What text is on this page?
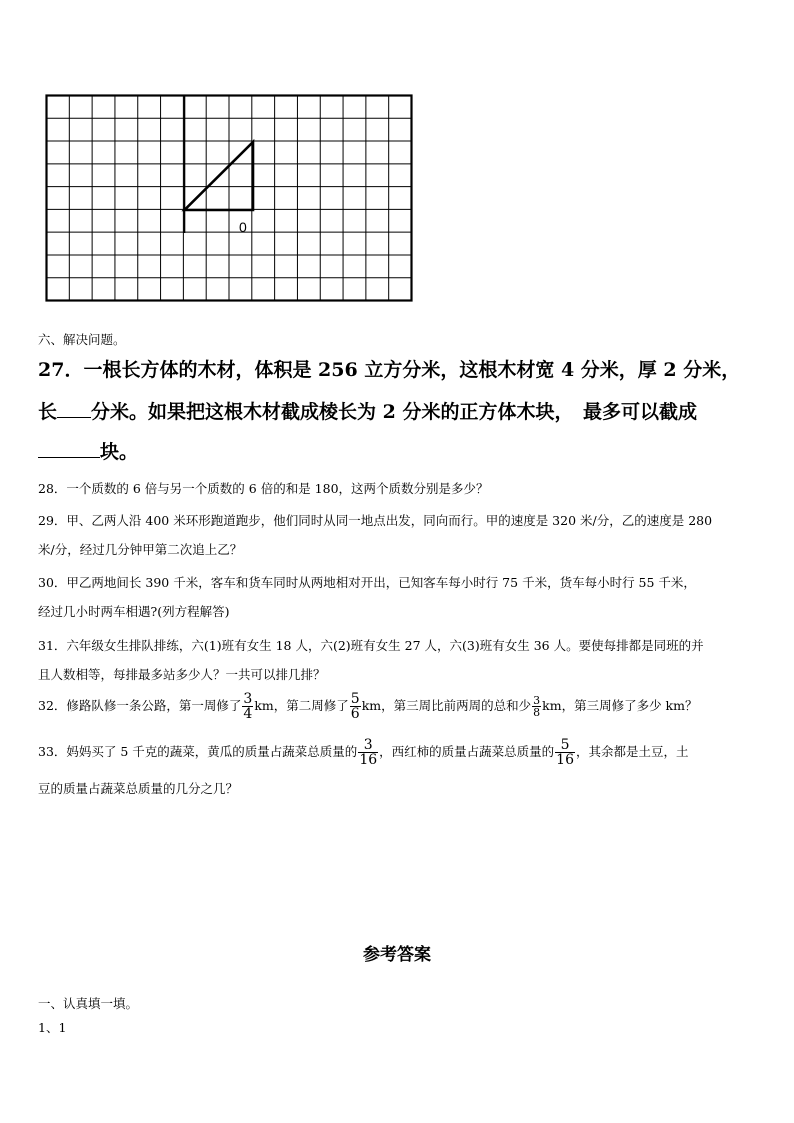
0
六、解决问题。
27．一根长方体的木材，体积是 256 立方分米，这根木材宽 4 分米，厚 2 分米，
长 分米。如果把这根木材截成棱长为 2 分米的正方体木块，　最多可以截成
块。
28．一个质数的 6 倍与另一个质数的 6 倍的和是 180，这两个质数分别是多少？
29．甲、乙两人沿 400 米环形跑道跑步，他们同时从同一地点出发，同向而行。甲的速度是 320 米/分，乙的速度是 280
米/分，经过几分钟甲第二次追上乙？
30．甲乙两地间长 390 千米，客车和货车同时从两地相对开出，已知客车每小时行 75 千米，货车每小时行 55 千米，
经过几小时两车相遇?(列方程解答)
31．六年级女生排队排练，六(1)班有女生 18 人，六(2)班有女生 27 人，六(3)班有女生 36 人。要使每排都是同班的并
且人数相等，每排最多站多少人？一共可以排几排？
32．修路队修一条公路，第一周修了 $\frac{3}{4}$ km，第二周修了 $\frac{5}{6}$ km，第三周比前两周的总和少 $\frac{3}{8}$ km，第三周修了多少 km？
33．妈妈买了 5 千克的蔬菜，黄瓜的质量占蔬菜总质量的 $\frac{3}{16}$ ，西红柿的质量占蔬菜总质量的 $\frac{5}{16}$ ，其余都是土豆，土
豆的质量占蔬菜总质量的几分之几？
参考答案
一、认真填一填。
1、1
